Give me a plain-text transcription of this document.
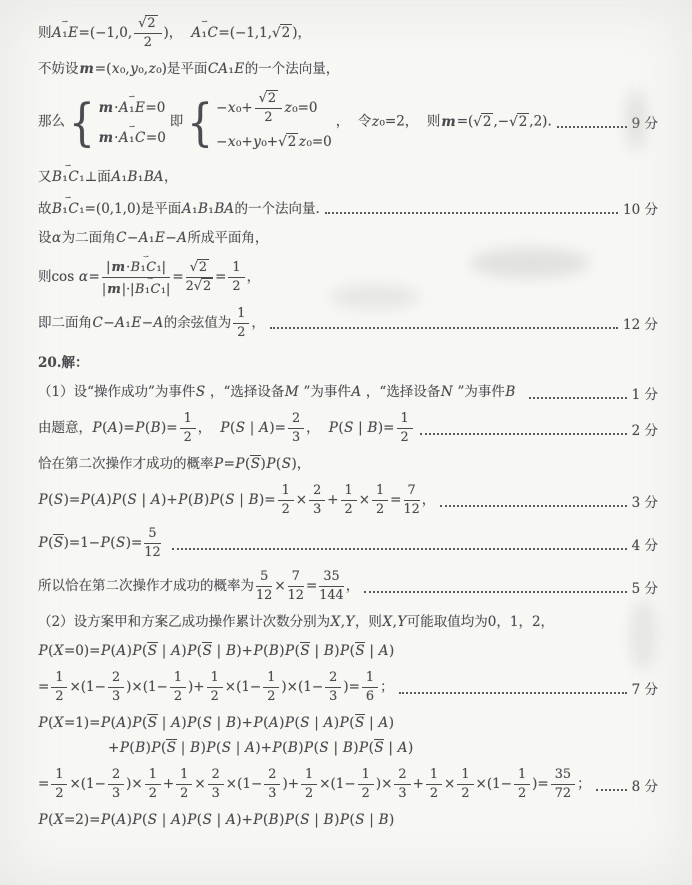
则
⇀
A₁E=(−1,0, $\frac{√2}{2}$ )，
⇀
A₁C=(−1,1,√2 )，
不妨设m=(x₀,y₀,z₀)是平面CA₁E的一个法向量，
那么 { m·
⇀
A₁E=0
m·
⇀
A₁C=0
即 { $-x_0+ \frac{√2}{2} z_0=0$
−x₀+y₀+√2 z₀=0
，  令z₀=2，  则m=(√2 ,−√2 ,2).	9 分
又
⇀
B₁C₁⊥面A₁B₁BA，
故
⇀
B₁C₁=(0,1,0)是平面A₁B₁BA的一个法向量.	10 分
设α为二面角C−A₁E−A所成平面角，
则cos α= |m·
⇀
B₁C₁|
|m|·|
⇀
$B_1C_1| = \frac{√2}{2√2} = \frac{1}{2}$ ，
即二面角C−A₁E−A的余弦值为 $\frac{1}{2}$ ，	12 分
20.解：
（1）设“操作成功”为事件S ，“选择设备M ”为事件A ，“选择设备N ”为事件B	1 分
由题意，$P(A)=P(B)= \frac{1}{2}$ ，  P(S | $A)= \frac{2}{3}$ ，  P(S | $B)= \frac{1}{2}$	2 分
恰在第二次操作才成功的概率P=P(S)P(S)，
P(S)=P(A)P(S | A)+P(B)P(S | $B)= \frac{1}{2} \times \frac{2}{3} + \frac{1}{2} \times \frac{1}{2} = \frac{7}{12}$ ，	3 分
$P(S)=1-P(S)= \frac{5}{12}$
	4 分
所以恰在第二次操作才成功的概率为 $\frac{5}{12} \times \frac{7}{12} = \frac{35}{144}$ ，	5 分
（2）设方案甲和方案乙成功操作累计次数分别为X,Y，则X,Y可能取值均为0，1，2，
P(X=0)=P(A)P(S | A)P(S | B)+P(B)P(S | B)P(S | A)
= $\frac{1}{2} \times(1- \frac{2}{3} )\times(1- \frac{1}{2}$ )+ $\frac{1}{2} \times(1- \frac{1}{2} )\times(1- \frac{2}{3}$ )= $\frac{1}{6}$ ；	7 分
P(X=1)=P(A)P(S | A)P(S | B)+P(A)P(S | A)P(S | A)
+P(B)P(S | B)P(S | A)+P(B)P(S | B)P(S | A)
= $\frac{1}{2} \times(1- \frac{2}{3}$ )× $\frac{1}{2} + \frac{1}{2} \times \frac{2}{3} \times(1- \frac{2}{3}$ )+ $\frac{1}{2} \times(1- \frac{1}{2}$ )× $\frac{2}{3} + \frac{1}{2} \times \frac{1}{2} \times(1- \frac{1}{2}$ )= $\frac{35}{72}$ ；	8 分
P(X=2)=P(A)P(S | A)P(S | A)+P(B)P(S | B)P(S | B)
